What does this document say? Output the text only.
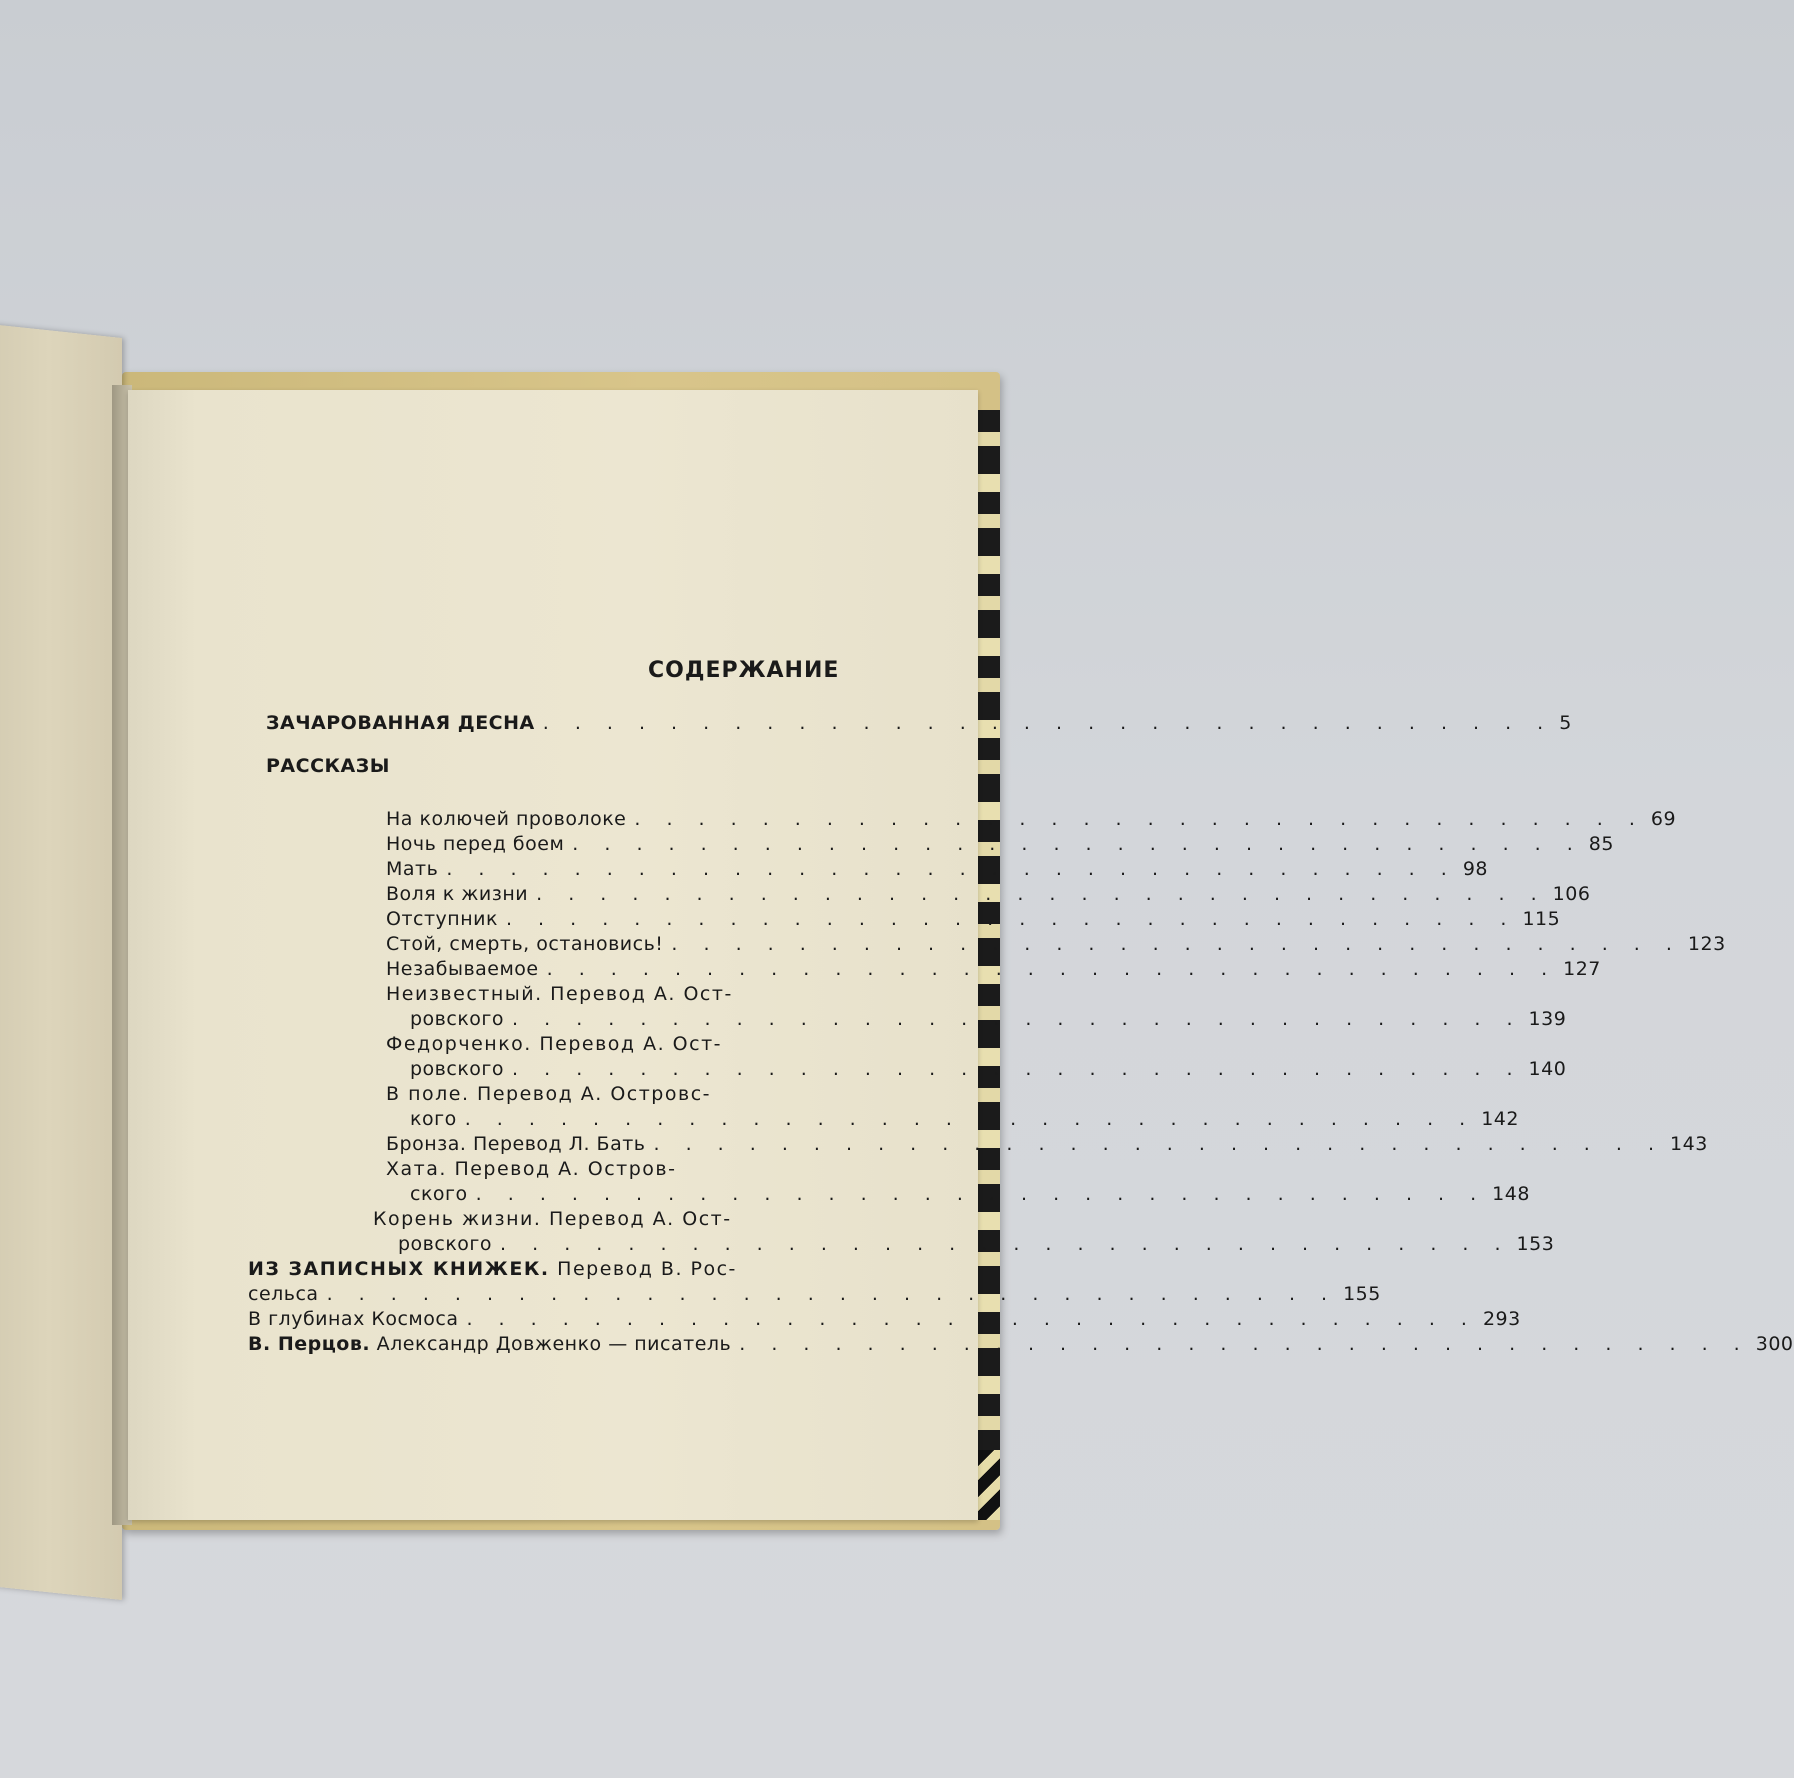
СОДЕРЖАНИЕ
ЗАЧАРОВАННАЯ ДЕСНА . . . . . . . . . . . . . . . . . . . . . . . . . . . . . . . . 5
РАССКАЗЫ
На колючей проволоке . . . . . . . . . . . . . . . . . . . . . . . . . . . . . . . . 69
Ночь перед боем . . . . . . . . . . . . . . . . . . . . . . . . . . . . . . . . 85
Мать . . . . . . . . . . . . . . . . . . . . . . . . . . . . . . . . 98
Воля к жизни . . . . . . . . . . . . . . . . . . . . . . . . . . . . . . . . 106
Отступник . . . . . . . . . . . . . . . . . . . . . . . . . . . . . . . . 115
Стой, смерть, остановись! . . . . . . . . . . . . . . . . . . . . . . . . . . . . . . . . 123
Незабываемое . . . . . . . . . . . . . . . . . . . . . . . . . . . . . . . . 127
Неизвестный. Перевод А. Ост-
ровского . . . . . . . . . . . . . . . . . . . . . . . . . . . . . . . . 139
Федорченко. Перевод А. Ост-
ровского . . . . . . . . . . . . . . . . . . . . . . . . . . . . . . . . 140
В поле. Перевод А. Островс-
кого . . . . . . . . . . . . . . . . . . . . . . . . . . . . . . . . 142
Бронза. Перевод Л. Бать . . . . . . . . . . . . . . . . . . . . . . . . . . . . . . . . 143
Хата. Перевод А. Остров-
ского . . . . . . . . . . . . . . . . . . . . . . . . . . . . . . . . 148
Корень жизни. Перевод А. Ост-
ровского . . . . . . . . . . . . . . . . . . . . . . . . . . . . . . . . 153
ИЗ ЗАПИСНЫХ КНИЖЕК. Перевод В. Рос-
сельса . . . . . . . . . . . . . . . . . . . . . . . . . . . . . . . . 155
В глубинах Космоса . . . . . . . . . . . . . . . . . . . . . . . . . . . . . . . . 293
В. Перцов. Александр Довженко — писатель . . . . . . . . . . . . . . . . . . . . . . . . . . . . . . . . 300
